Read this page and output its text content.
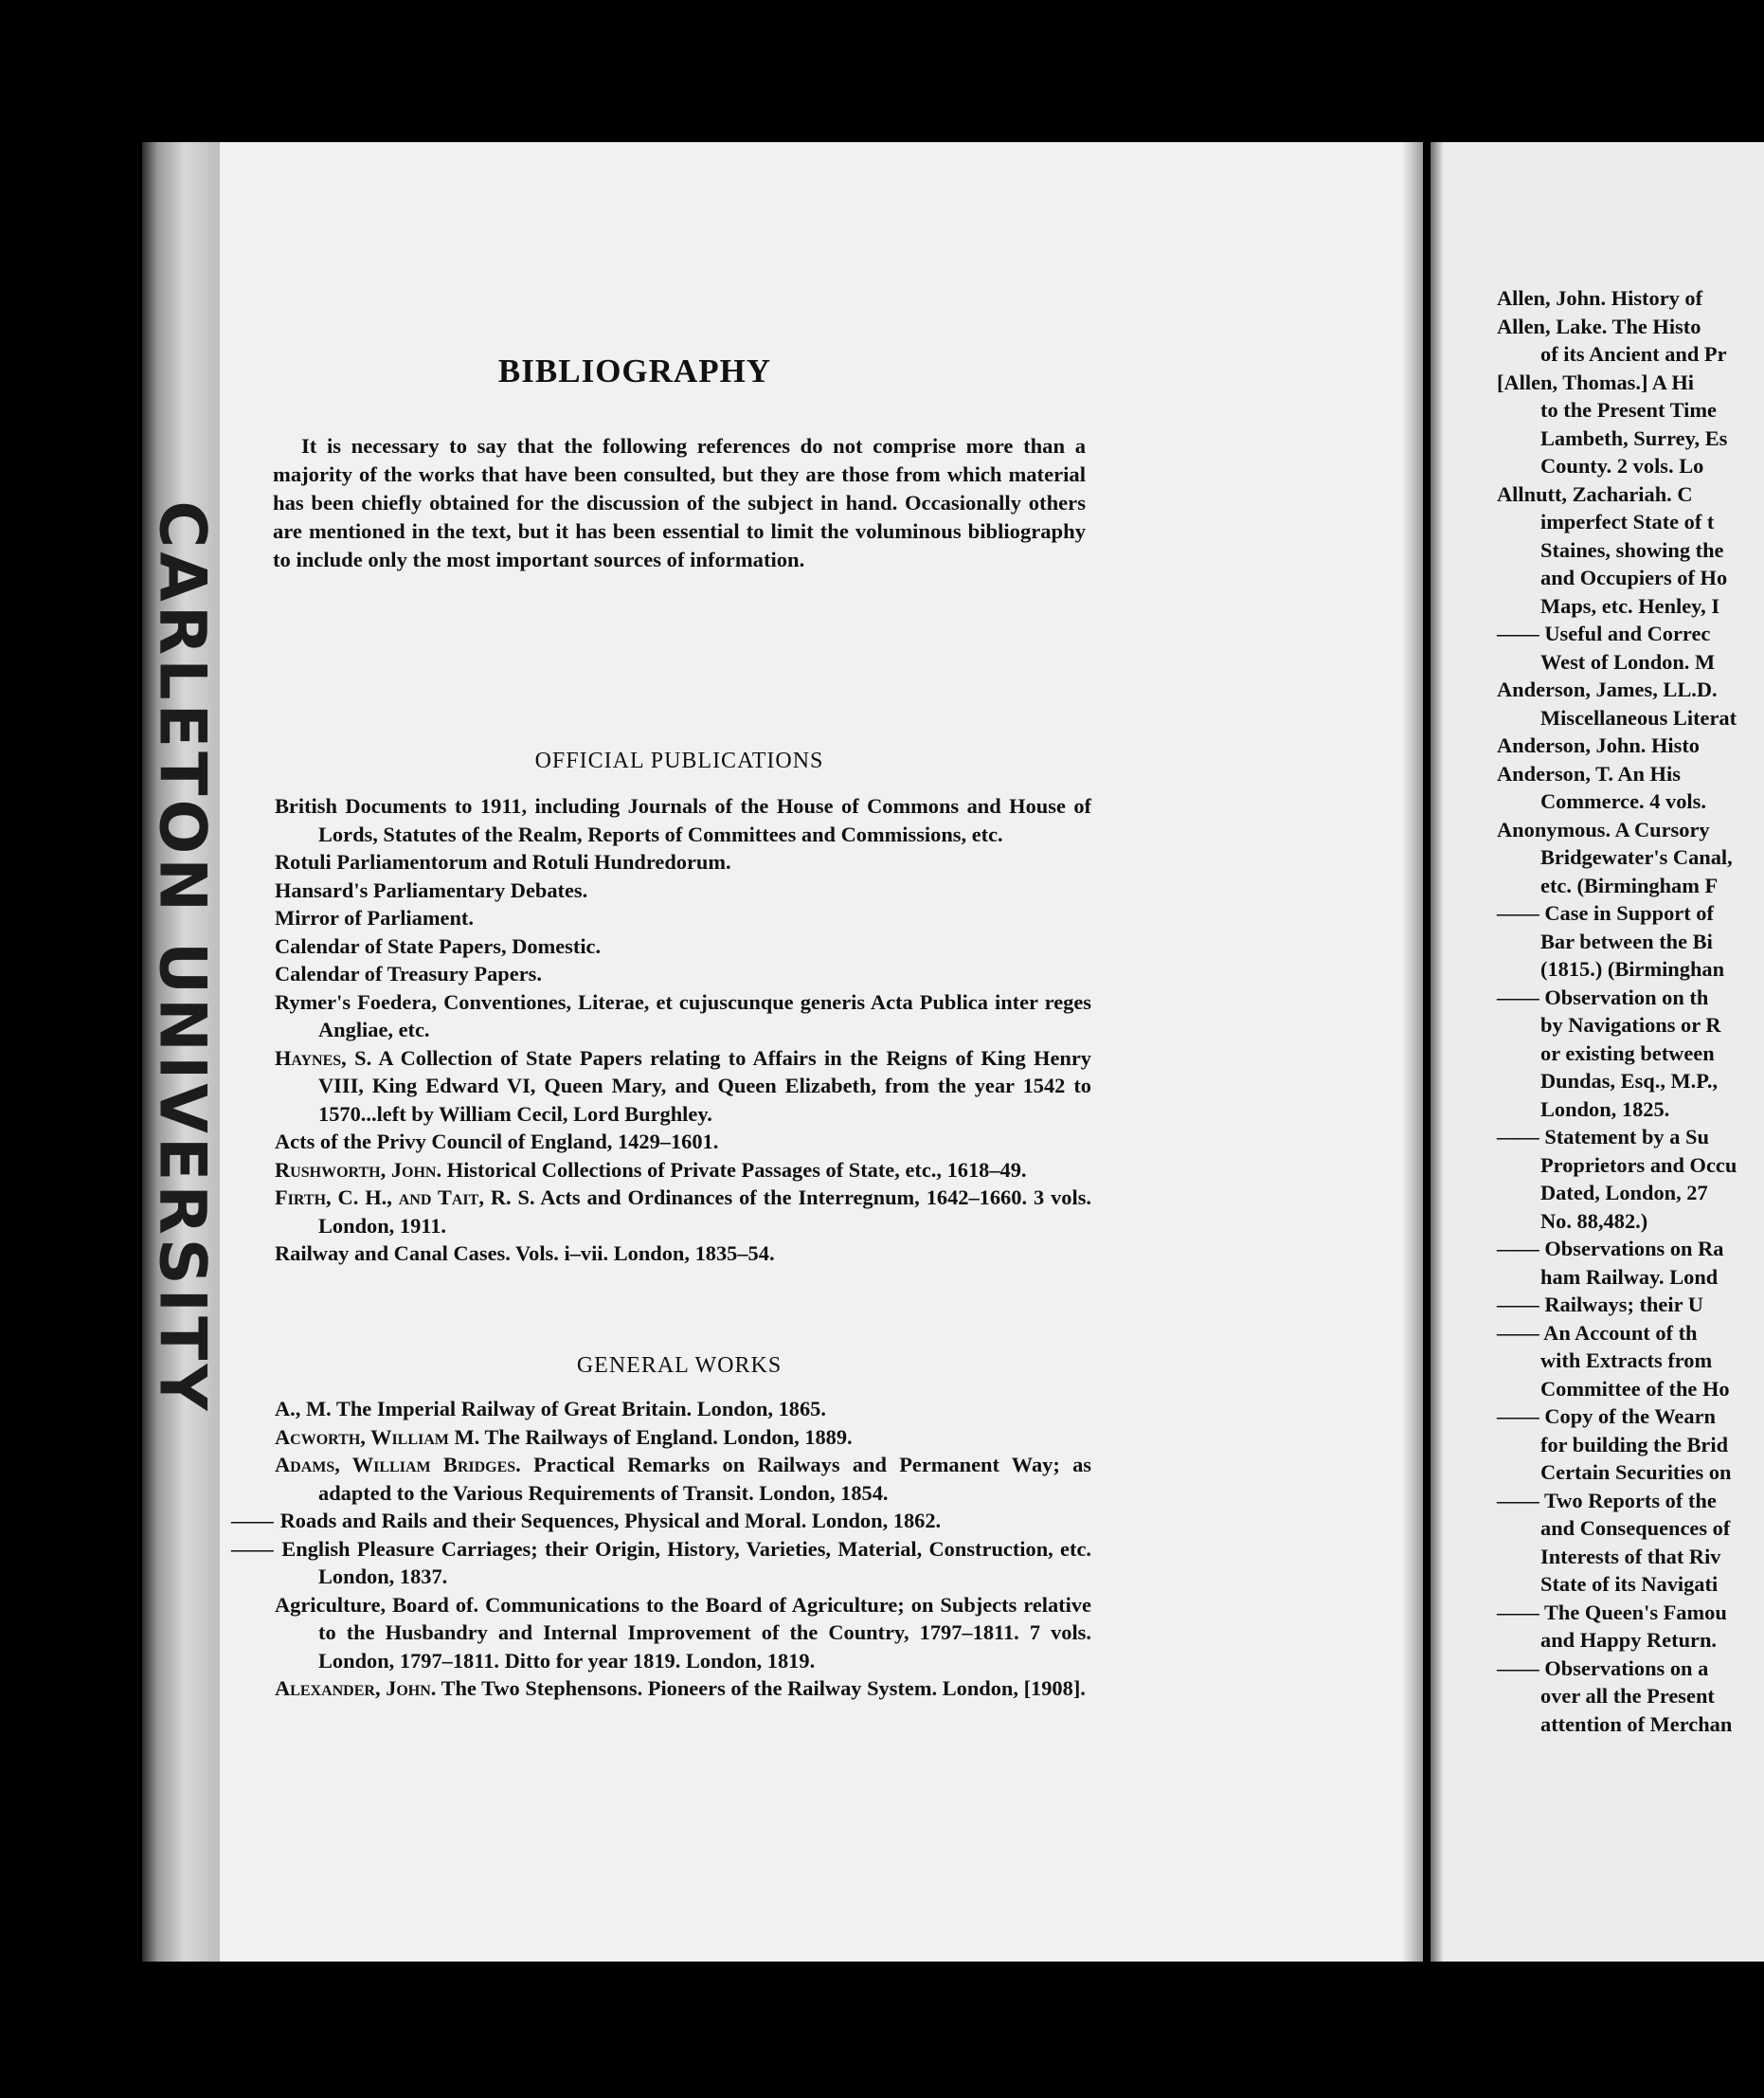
CARLETON UNIVERSITY
BIBLIOGRAPHY

It is necessary to say that the following references do not comprise more than a majority of the works that have been consulted, but they are those from which material has been chiefly obtained for the discussion of the subject in hand. Occasionally others are mentioned in the text, but it has been essential to limit the voluminous bibliography to include only the most important sources of information.

OFFICIAL PUBLICATIONS
British Documents to 1911, including Journals of the House of Commons and House of Lords, Statutes of the Realm, Reports of Committees and Commissions, etc.
Rotuli Parliamentorum and Rotuli Hundredorum.
Hansard's Parliamentary Debates.
Mirror of Parliament.
Calendar of State Papers, Domestic.
Calendar of Treasury Papers.
Rymer's Foedera, Conventiones, Literae, et cujuscunque generis Acta Publica inter reges Angliae, etc.
Haynes, S. A Collection of State Papers relating to Affairs in the Reigns of King Henry VIII, King Edward VI, Queen Mary, and Queen Elizabeth, from the year 1542 to 1570...left by William Cecil, Lord Burghley.
Acts of the Privy Council of England, 1429–1601.
Rushworth, John. Historical Collections of Private Passages of State, etc., 1618–49.
Firth, C. H., and Tait, R. S. Acts and Ordinances of the Interregnum, 1642–1660. 3 vols. London, 1911.
Railway and Canal Cases. Vols. i–vii. London, 1835–54.
GENERAL WORKS
A., M. The Imperial Railway of Great Britain. London, 1865.
Acworth, William M. The Railways of England. London, 1889.
Adams, William Bridges. Practical Remarks on Railways and Permanent Way; as adapted to the Various Requirements of Transit. London, 1854.
Roads and Rails and their Sequences, Physical and Moral. London, 1862.
English Pleasure Carriages; their Origin, History, Varieties, Material, Construction, etc. London, 1837.
Agriculture, Board of. Communications to the Board of Agriculture; on Subjects relative to the Husbandry and Internal Improvement of the Country, 1797–1811. 7 vols. London, 1797–1811. Ditto for year 1819. London, 1819.
Alexander, John. The Two Stephensons. Pioneers of the Railway System. London, [1908].
Allen, John. History of
Allen, Lake. The Histo
of its Ancient and Pr
[Allen, Thomas.] A Hi
to the Present Time
Lambeth, Surrey, Es
County. 2 vols. Lo
Allnutt, Zachariah. C
imperfect State of t
Staines, showing the
and Occupiers of Ho
Maps, etc. Henley, I
—— Useful and Correc
West of London. M
Anderson, James, LL.D.
Miscellaneous Literat
Anderson, John. Histo
Anderson, T. An His
Commerce. 4 vols.
Anonymous. A Cursory
Bridgewater's Canal,
etc. (Birmingham F
—— Case in Support of
Bar between the Bi
(1815.) (Birminghan
—— Observation on th
by Navigations or R
or existing between
Dundas, Esq., M.P.,
London, 1825.
—— Statement by a Su
Proprietors and Occu
Dated, London, 27
No. 88,482.)
—— Observations on Ra
ham Railway. Lond
—— Railways; their U
—— An Account of th
with Extracts from
Committee of the Ho
—— Copy of the Wearn
for building the Brid
Certain Securities on
—— Two Reports of the
and Consequences of
Interests of that Riv
State of its Navigati
—— The Queen's Famou
and Happy Return.
—— Observations on a
over all the Present
attention of Merchan
